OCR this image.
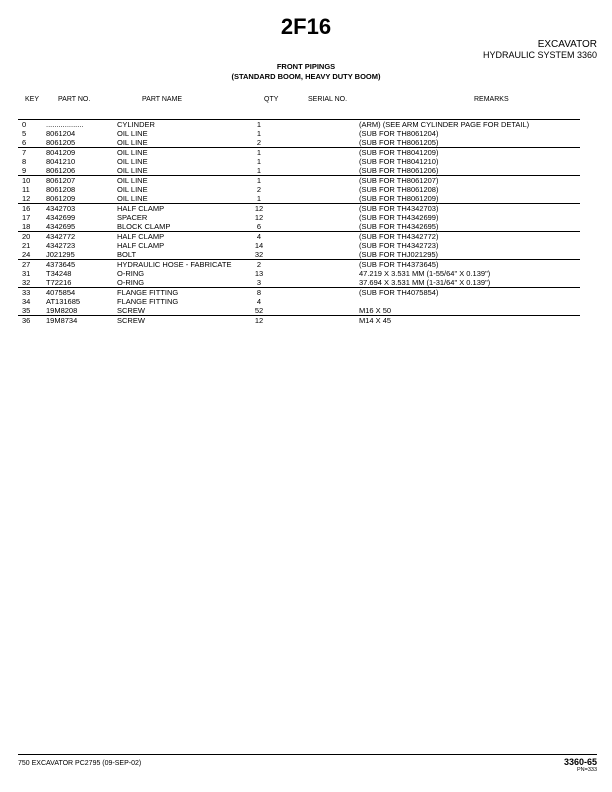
2F16
EXCAVATOR
HYDRAULIC SYSTEM 3360
FRONT PIPINGS
(STANDARD BOOM, HEAVY DUTY BOOM)
KEY	PART NO.	PART NAME	QTY	SERIAL NO.	REMARKS
0	..................	CYLINDER	1		(ARM) (SEE ARM CYLINDER PAGE FOR DETAIL)
5	8061204	OIL LINE	1		(SUB FOR TH8061204)
6	8061205	OIL LINE	2		(SUB FOR TH8061205)
7	8041209	OIL LINE	1		(SUB FOR TH8041209)
8	8041210	OIL LINE	1		(SUB FOR TH8041210)
9	8061206	OIL LINE	1		(SUB FOR TH8061206)
10	8061207	OIL LINE	1		(SUB FOR TH8061207)
11	8061208	OIL LINE	2		(SUB FOR TH8061208)
12	8061209	OIL LINE	1		(SUB FOR TH8061209)
16	4342703	HALF CLAMP	12		(SUB FOR TH4342703)
17	4342699	SPACER	12		(SUB FOR TH4342699)
18	4342695	BLOCK CLAMP	6		(SUB FOR TH4342695)
20	4342772	HALF CLAMP	4		(SUB FOR TH4342772)
21	4342723	HALF CLAMP	14		(SUB FOR TH4342723)
24	J021295	BOLT	32		(SUB FOR THJ021295)
27	4373645	HYDRAULIC HOSE - FABRICATE	2		(SUB FOR TH4373645)
31	T34248	O-RING	13		47.219 X 3.531 MM (1-55/64" X 0.139")
32	T72216	O-RING	3		37.694 X 3.531 MM (1-31/64" X 0.139")
33	4075854	FLANGE FITTING	8		(SUB FOR TH4075854)
34	AT131685	FLANGE FITTING	4		
35	19M8208	SCREW	52		M16 X 50
36	19M8734	SCREW	12		M14 X 45
750 EXCAVATOR PC2795 (09-SEP-02)	3360-65
PN=333
